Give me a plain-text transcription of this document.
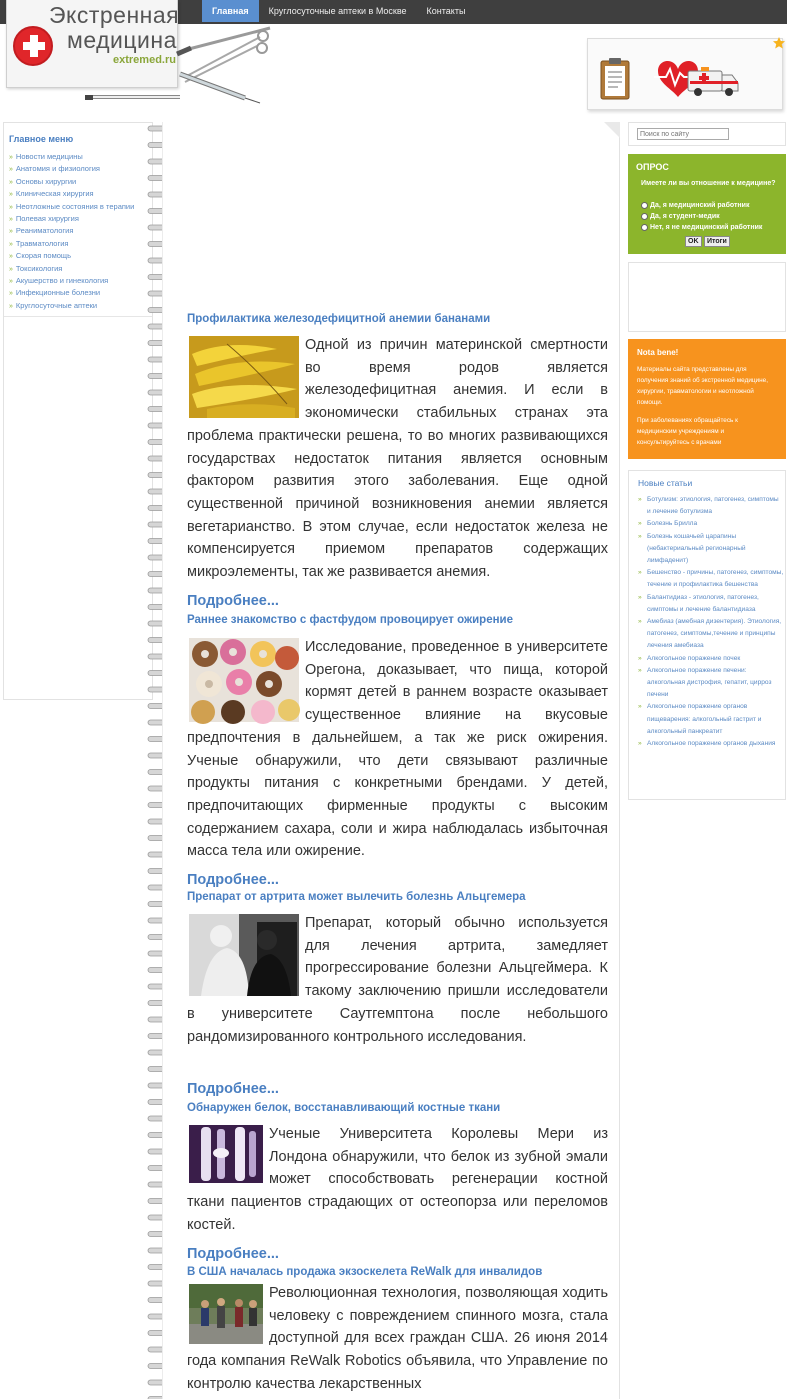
Главная	Круглосуточные аптеки в Москве	Контакты
Экстренная
медицина
extremed.ru
Главное меню
» Новости медицины
» Анатомия и физиология
» Основы хирургии
» Клиническая хирургия
» Неотложные состояния в терапии
» Полевая хирургия
» Реаниматология
» Травматология
» Скорая помощь
» Токсикология
» Акушерство и гинекология
» Инфекционные болезни
» Круглосуточные аптеки
Профилактика железодефицитной анемии бананами
Одной из причин материнской смертности во время родов является железодефицитная анемия. И если в экономически стабильных странах эта проблема практически решена, то во многих развивающихся государствах недостаток питания является основным фактором развития этого заболевания. Еще одной существенной причиной возникновения анемии является вегетарианство. В этом случае, если недостаток железа не компенсируется приемом препаратов содержащих микроэлементы, так же развивается анемия.
Подробнее...
Раннее знакомство с фастфудом провоцирует ожирение
Исследование, проведенное в университете Орегона, доказывает, что пища, которой кормят детей в раннем возрасте оказывает существенное влияние на вкусовые предпочтения в дальнейшем, а так же риск ожирения. Ученые обнаружили, что дети связывают различные продукты питания с конкретными брендами. У детей, предпочитающих фирменные продукты с высоким содержанием сахара, соли и жира наблюдалась избыточная масса тела или ожирение.
Подробнее...
Препарат от артрита может вылечить болезнь Альцгемера
Препарат, который обычно используется для лечения артрита, замедляет прогрессирование болезни Альцгеймера. К такому заключению пришли исследователи в университете Саутгемптона после небольшого рандомизированного контрольного исследования.
Подробнее...
Обнаружен белок, восстанавливающий костные ткани
Ученые Университета Королевы Мери из Лондона обнаружили, что белок из зубной эмали может способствовать регенерации костной ткани пациентов страдающих от остеопорза или переломов костей.
Подробнее...
В США началась продажа экзоскелета ReWalk для инвалидов
Революционная технология, позволяющая ходить человеку с повреждением спинного мозга, стала доступной для всех граждан США. 26 июня 2014 года компания ReWalk Robotics объявила, что Управление по контролю качества лекарственных
Поиск по сайту
ОПРОС
Имеете ли вы отношение к медицине?
Да, я медицинский работник
Да, я студент-медик
Нет, я не медицинский работник
OK	Итоги
Nota bene!
Материалы сайта представлены для получения знаний об экстренной медицине, хирургии, травматологии и неотложной помощи.
При заболеваниях обращайтесь к медицинским учреждениям и консультируйтесь с врачами
Новые статьи
» Ботулизм: этиология, патогенез, симптомы и лечение ботулизма
» Болезнь Брилла
» Болезнь кошачьей царапины (небактериальный регионарный лимфаденит)
» Бешенство - причины, патогенез, симптомы, течение и профилактика бешенства
» Балантидиаз - этиология, патогенез, симптомы и лечение балантидиаза
» Амебиаз (амебная дизентерия). Этиология, патогенез, симптомы,течение и принципы лечения амебиаза
» Алкогольное поражение почек
» Алкогольное поражение печени: алкогольная дистрофия, гепатит, цирроз печени
» Алкогольное поражение органов пищеварения: алкогольный гастрит и алкогольный панкреатит
» Алкогольное поражение органов дыхания
